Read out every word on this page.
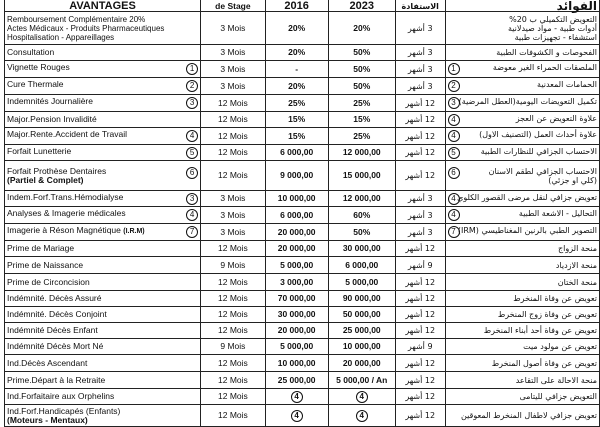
AVANTAGES	de Stage	2016	2023	الاستفادة	الفوائد
Remboursement Complémentaire 20%
Actes Médicaux - Produits Pharmaceutiques
Hospitalisation - Appareillages	3 Mois	20%	20%	3 أشهر	التعويض التكميلي ب 20%
أدوات طبية - مواد صيدلانية
استشفاء - تجهيزات طبية
Consultation	3 Mois	20%	50%	3 أشهر	الفحوصات و الكشوفات الطبية

1
Vignette Rouges	3 Mois	-	50%	3 أشهر	1 الملصقات الحمراء الغير معوضة

2
Cure Thermale	3 Mois	20%	50%	3 أشهر	2 الحمامات المعدنية

3
Indemnités Journalière	12 Mois	25%	25%	12 أشهر	3 تكميل التعويضات اليومية(العطل المرضية)
Major.Pension Invalidité	12 Mois	15%	15%	12 أشهر	4 علاوة التعويض عن العجز

4
Major.Rente.Accident de Travail	12 Mois	15%	25%	12 أشهر	4 علاوة أحداث العمل (التصنيف الاول)

5
Forfait Lunetterie	12 Mois	6 000,00	12 000,00	12 أشهر	5 الاحتساب الجزافي للنظارات الطبية

6
Forfait Prothèse Dentaires
(Partiel & Complet)	12 Mois	9 000,00	15 000,00	12 أشهر	6 الاحتساب الجزافي لطقم الاسنان
(كلي او جزئي)

3
Indem.Forf.Trans.Hémodialyse	3 Mois	10 000,00	12 000,00	3 أشهر	4 تعويض جزافي لنقل مرضى القصور الكلوي

4
Analyses & Imagerie médicales	3 Mois	6 000,00	60%	3 أشهر	4 التحاليل - الاشعة الطبية

7
Imagerie à Réson Magnétique (I.R.M)	3 Mois	20 000,00	50%	3 أشهر	7 التصوير الطبي بالرنين المغناطيسي (IRM)
Prime de Mariage	12 Mois	20 000,00	30 000,00	12 أشهر	منحة الزواج
Prime de Naissance	9 Mois	5 000,00	6 000,00	9 أشهر	منحة الازدياد
Prime de Circoncision	12 Mois	3 000,00	5 000,00	12 أشهر	منحة الختان
Indémnité. Décès Assuré	12 Mois	70 000,00	90 000,00	12 أشهر	تعويض عن وفاة المنخرط
Indémnité. Décès Conjoint	12 Mois	30 000,00	50 000,00	12 أشهر	تعويض عن وفاة زوج المنخرط
Indémnité Décès Enfant	12 Mois	20 000,00	25 000,00	12 أشهر	تعويض عن وفاة أحد أبناء المنخرط
Indémnité Décès Mort Né	9 Mois	5 000,00	10 000,00	9 أشهر	تعويض عن مولود ميت
Ind.Décès Ascendant	12 Mois	10 000,00	20 000,00	12 أشهر	تعويض عن وفاة أصول المنخرط
Prime.Départ à la Retraite	12 Mois	25 000,00	5 000,00 / An	12 أشهر	منحة الاحالة على التقاعد
Ind.Forfaitaire aux Orphelins	12 Mois	4	4	12 أشهر	التعويض جزافي لليتامى
Ind.Forf.Handicapés (Enfants)
(Moteurs - Mentaux)	12 Mois	4	4	12 أشهر	تعويض جزافي لاطفال المنخرط المعوقين
